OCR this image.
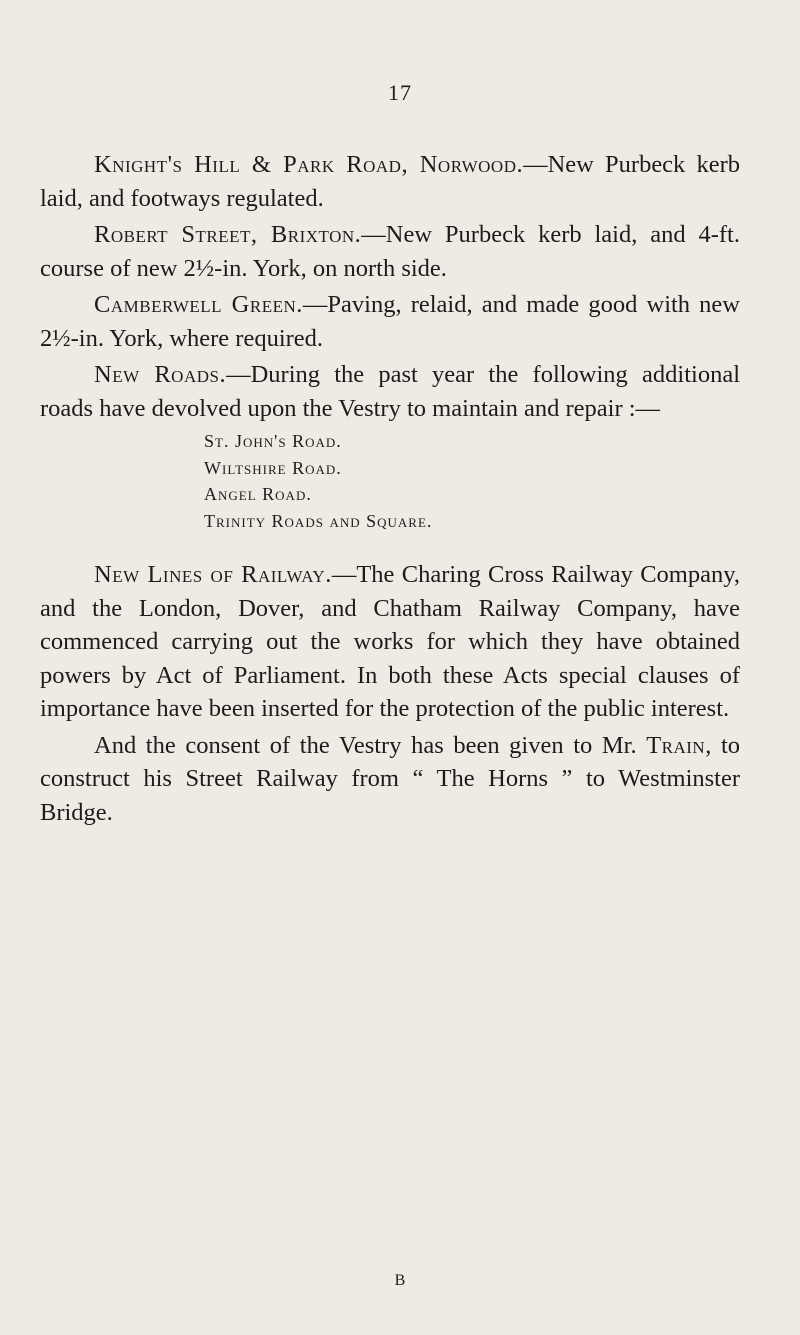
17

Knight's Hill & Park Road, Norwood.—New Purbeck kerb laid, and footways regulated.

Robert Street, Brixton.—New Purbeck kerb laid, and 4-ft. course of new 2½-in. York, on north side.

Camberwell Green.—Paving, relaid, and made good with new 2½-in. York, where required.

New Roads.—During the past year the following additional roads have devolved upon the Vestry to maintain and repair :—

St. John's Road.
Wiltshire Road.
Angel Road.
Trinity Roads and Square.

New Lines of Railway.—The Charing Cross Railway Company, and the London, Dover, and Chatham Railway Company, have commenced carrying out the works for which they have obtained powers by Act of Parliament. In both these Acts special clauses of importance have been inserted for the protection of the public interest.

And the consent of the Vestry has been given to Mr. Train, to construct his Street Railway from “ The Horns ” to Westminster Bridge.

B
